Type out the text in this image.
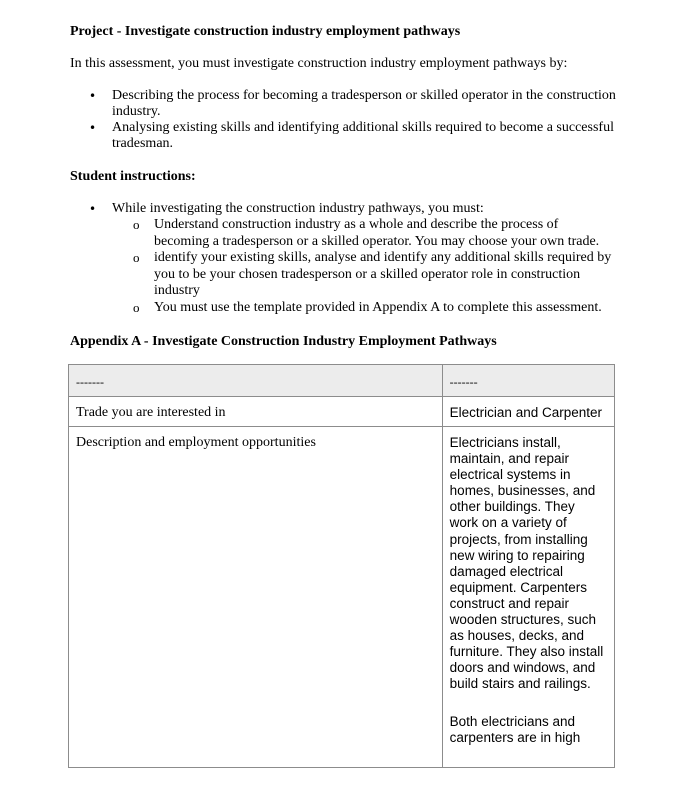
Project - Investigate construction industry employment pathways
In this assessment, you must investigate construction industry employment pathways by:
• Describing the process for becoming a tradesperson or skilled operator in the construction industry.
• Analysing existing skills and identifying additional skills required to become a successful tradesman.
Student instructions:
• While investigating the construction industry pathways, you must:
o Understand construction industry as a whole and describe the process of becoming a tradesperson or a skilled operator. You may choose your own trade.
o identify your existing skills, analyse and identify any additional skills required by you to be your chosen tradesperson or a skilled operator role in construction industry
o You must use the template provided in Appendix A to complete this assessment.
Appendix A - Investigate Construction Industry Employment Pathways
-------	-------

Trade you are interested in	Electrician and Carpenter

Description and employment opportunities	Electricians install, maintain, and repair electrical systems in homes, businesses, and other buildings. They work on a variety of projects, from installing new wiring to repairing damaged electrical equipment. Carpenters construct and repair wooden structures, such as houses, decks, and furniture. They also install doors and windows, and build stairs and railings.

Both electricians and carpenters are in high
